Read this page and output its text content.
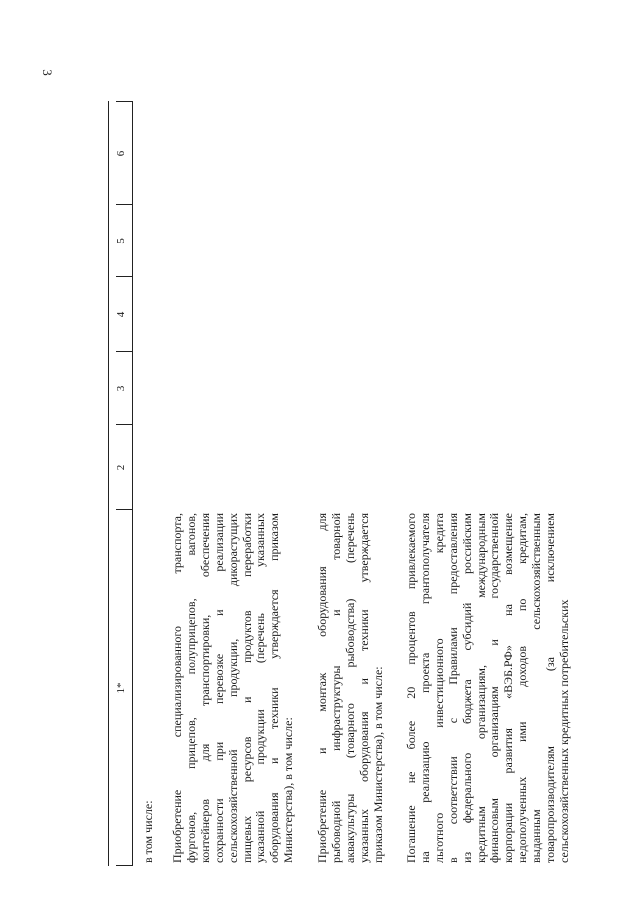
3
1*
2
3
4
5
6
в том числе: Приобретение специализированного транспорта, фургонов, прицепов, полуприцепов, вагонов, контейнеров для транспортировки, обеспечения сохранности при перевозке и реализации сельскохозяйственной продукции, дикорастущих пищевых ресурсов и продуктов переработки указанной продукции (перечень указанных оборудования и техники утверждается приказом Министерства), в том числе: Приобретение и монтаж оборудования для рыбоводной инфраструктуры и товарной аквакультуры (товарного рыбоводства) (перечень указанных оборудования и техники утверждается приказом Министерства), в том числе: Погашение не более 20 процентов привлекаемого на реализацию проекта грантополучателя льготного инвестиционного кредита в соответствии с Правилами предоставления из федерального бюджета субсидий российским кредитным организациям, международным финансовым организациям и государственной корпорации развития «ВЭБ.РФ» на возмещение недополученных ими доходов по кредитам, выданным сельскохозяйственным товаропроизводителям (за исключением сельскохозяйственных кредитных потребительских
